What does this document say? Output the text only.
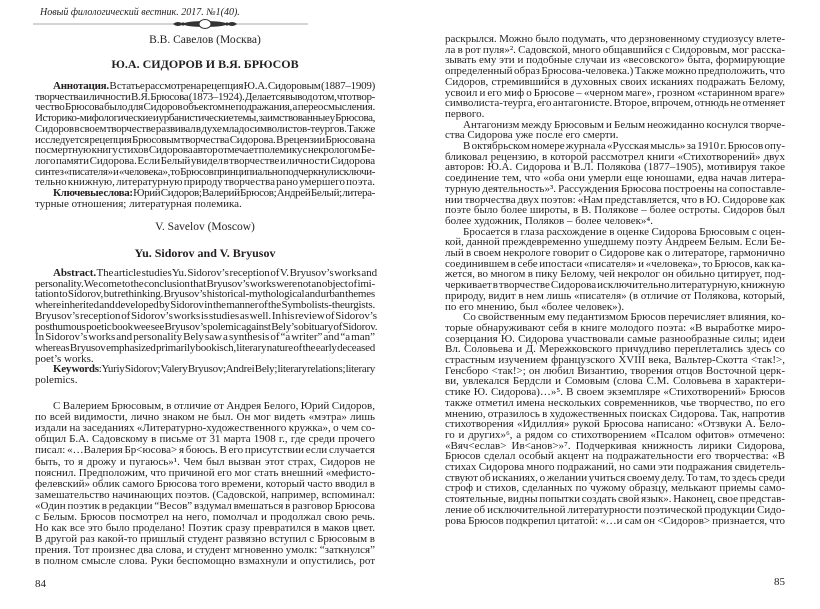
Новый филологический вестник. 2017. №1(40).
В.В. Савелов (Москва)
Ю.А. СИДОРОВ И В.Я. БРЮСОВ
Аннотация. В статье рассмотрена рецепция Ю.А. Сидоровым (1887–1909)
творчества и личности В.Я. Брюсова (1873–1924). Делается вывод о том, что твор-
чество Брюсова было для Сидоров объектом не подражания, а переосмысления.
Историко-мифологические и урбанистические темы, заимствованные у Брюсова,
Сидоров в своем творчестве развивал в духе младосимволистов-теургов. Также
исследуется рецепция Брюсовым творчества Сидорова. В рецензии Брюсова на
посмертную книгу стихов Сидорова автор отмечает полемику с некрологом Бе-
лого памяти Сидорова. Если Белый увидел в творчестве и личности Сидорова
синтез «писателя» и «человека», то Брюсов принципиально подчеркнул исключи-
тельно книжную, литературную природу творчества рано умершего поэта.
Ключевые слова: Юрий Сидоров; Валерий Брюсов; Андрей Белый; литера-
турные отношения; литературная полемика.
V. Savelov (Moscow)
Yu. Sidorov and V. Bryusov
Abstract. The article studies Yu. Sidorov’s reception of V. Bryusov’s works and
personality. We come to the conclusion that Bryusov’s works were not an object of imi-
tation to Sidorov, but rethinking. Bryusov’s historical-mythological and urban themes
where inherited and developed by Sidorov in the manner of the Symbolists-theurgists.
Bryusov’s reception of Sidorov’s works is studies as well. In his review of Sidorov’s
posthumous poetic book wee see Bryusov’s polemic against Bely’s obituary of Sidorov.
In Sidorov’s works and personality Bely saw a synthesis of “a writer” and “a man”
whereas Bryusov emphasized primarily bookisch, literary nature of the early deceased
poet’s works.
Key words: Yuriy Sidorov; Valery Bryusov; Andrei Bely; literary relations; literary
polemics.
С Валерием Брюсовым, в отличие от Андрея Белого, Юрий Сидоров,
по всей видимости, лично знаком не был. Он мог видеть «мэтра» лишь
издали на заседаниях «Литературно-художественного кружка», о чем со-
общил Б.А. Садовскому в письме от 31 марта 1908 г., где среди прочего
писал: «…Валерия Бр<юсова> я боюсь. В его присутствии если случается
быть, то я дрожу и пугаюсь»¹. Чем был вызван этот страх, Сидоров не
пояснил. Предположим, что причиной его мог стать внешний «мефисто-
фелевский» облик самого Брюсова того времени, который часто вводил в
замешательство начинающих поэтов. (Садовской, например, вспоминал:
«Один поэтик в редакции “Весов” вздумал вмешаться в разговор Брюсова
с Белым. Брюсов посмотрел на него, помолчал и продолжал свою речь.
Но как все это было проделано! Поэтик сразу превратился в маков цвет.
В другой раз какой-то пришлый студент развязно вступил с Брюсовым в
прения. Тот произнес два слова, и студент мгновенно умолк: “заткнулся”
в полном смысле слова. Руки беспомощно взмахнули и опустились, рот
84
раскрылся. Можно было подумать, что дерзновенному студиозусу влете-
ла в рот пуля»². Садовской, много общавшийся с Сидоровым, мог расска-
зывать ему эти и подобные случаи из «весовского» быта, формирующие
определенный образ Брюсова-человека.) Также можно предположить, что
Сидоров, стремившийся в духовных своих исканиях подражать Белому,
усвоил и его миф о Брюсове – «черном маге», грозном «старинном враге»
символиста-теурга, его антагонисте. Второе, впрочем, отнюдь не отменяет
первого.
Антагонизм между Брюсовым и Белым неожиданно коснулся творче-
ства Сидорова уже после его смерти.
В октябрьском номере журнала «Русская мысль» за 1910 г. Брюсов опу-
бликовал рецензию, в которой рассмотрел книги «Стихотворений» двух
авторов: Ю.А. Сидорова и В.Л. Полякова (1877–1905), мотивируя такое
соединение тем, что «оба они умерли еще юношами, едва начав литера-
турную деятельность»³. Рассуждения Брюсова построены на сопоставле-
нии творчества двух поэтов: «Нам представляется, что в Ю. Сидорове как
поэте было более широты, в В. Полякове – более остроты. Сидоров был
более художник, Поляков – более человек»⁴.
Бросается в глаза расхождение в оценке Сидорова Брюсовым с оцен-
кой, данной преждевременно ушедшему поэту Андреем Белым. Если Бе-
лый в своем некрологе говорит о Сидорове как о литераторе, гармонично
соединившем в себе ипостаси «писателя» и «человека», то Брюсов, как ка-
жется, во многом в пику Белому, чей некролог он обильно цитирует, под-
черкивает в творчестве Сидорова исключительно литературную, книжную
природу, видит в нем лишь «писателя» (в отличие от Полякова, который,
по его мнению, был «более человек»).
Со свойственным ему педантизмом Брюсов перечисляет влияния, ко-
торые обнаруживают себя в книге молодого поэта: «В выработке миро-
созерцания Ю. Сидорова участвовали самые разнообразные силы; идеи
Вл. Соловьева и Д. Мережковского причудливо переплетались здесь со
страстным изучением французского XVIII века, Вальтер-Скотта <так!>,
Генсборо <так!>; он любил Византию, творения отцов Восточной церк-
ви, увлекался Бердсли и Сомовым (слова С.М. Соловьева в характери-
стике Ю. Сидорова)…»⁵. В своем экземпляре «Стихотворений» Брюсов
также отметил имена нескольких современников, чье творчество, по его
мнению, отразилось в художественных поисках Сидорова. Так, напротив
стихотворения «Идиллия» рукой Брюсова написано: «Отзвуки А. Бело-
го и других»⁶, а рядом со стихотворением «Псалом офитов» отмечено:
«Вяч<еслав> Ив<анов>»⁷. Подчеркивая книжность лирики Сидорова,
Брюсов сделал особый акцент на подражательности его творчества: «В
стихах Сидорова много подражаний, но сами эти подражания свидетель-
ствуют об исканиях, о желании учиться своему делу. То там, то здесь среди
строф и стихов, сделанных по чужому образцу, мелькают приемы само-
стоятельные, видны попытки создать свой язык». Наконец, свое представ-
ление об исключительной литературности поэтической продукции Сидо-
рова Брюсов подкрепил цитатой: «…и сам он <Сидоров> признается, что
85
